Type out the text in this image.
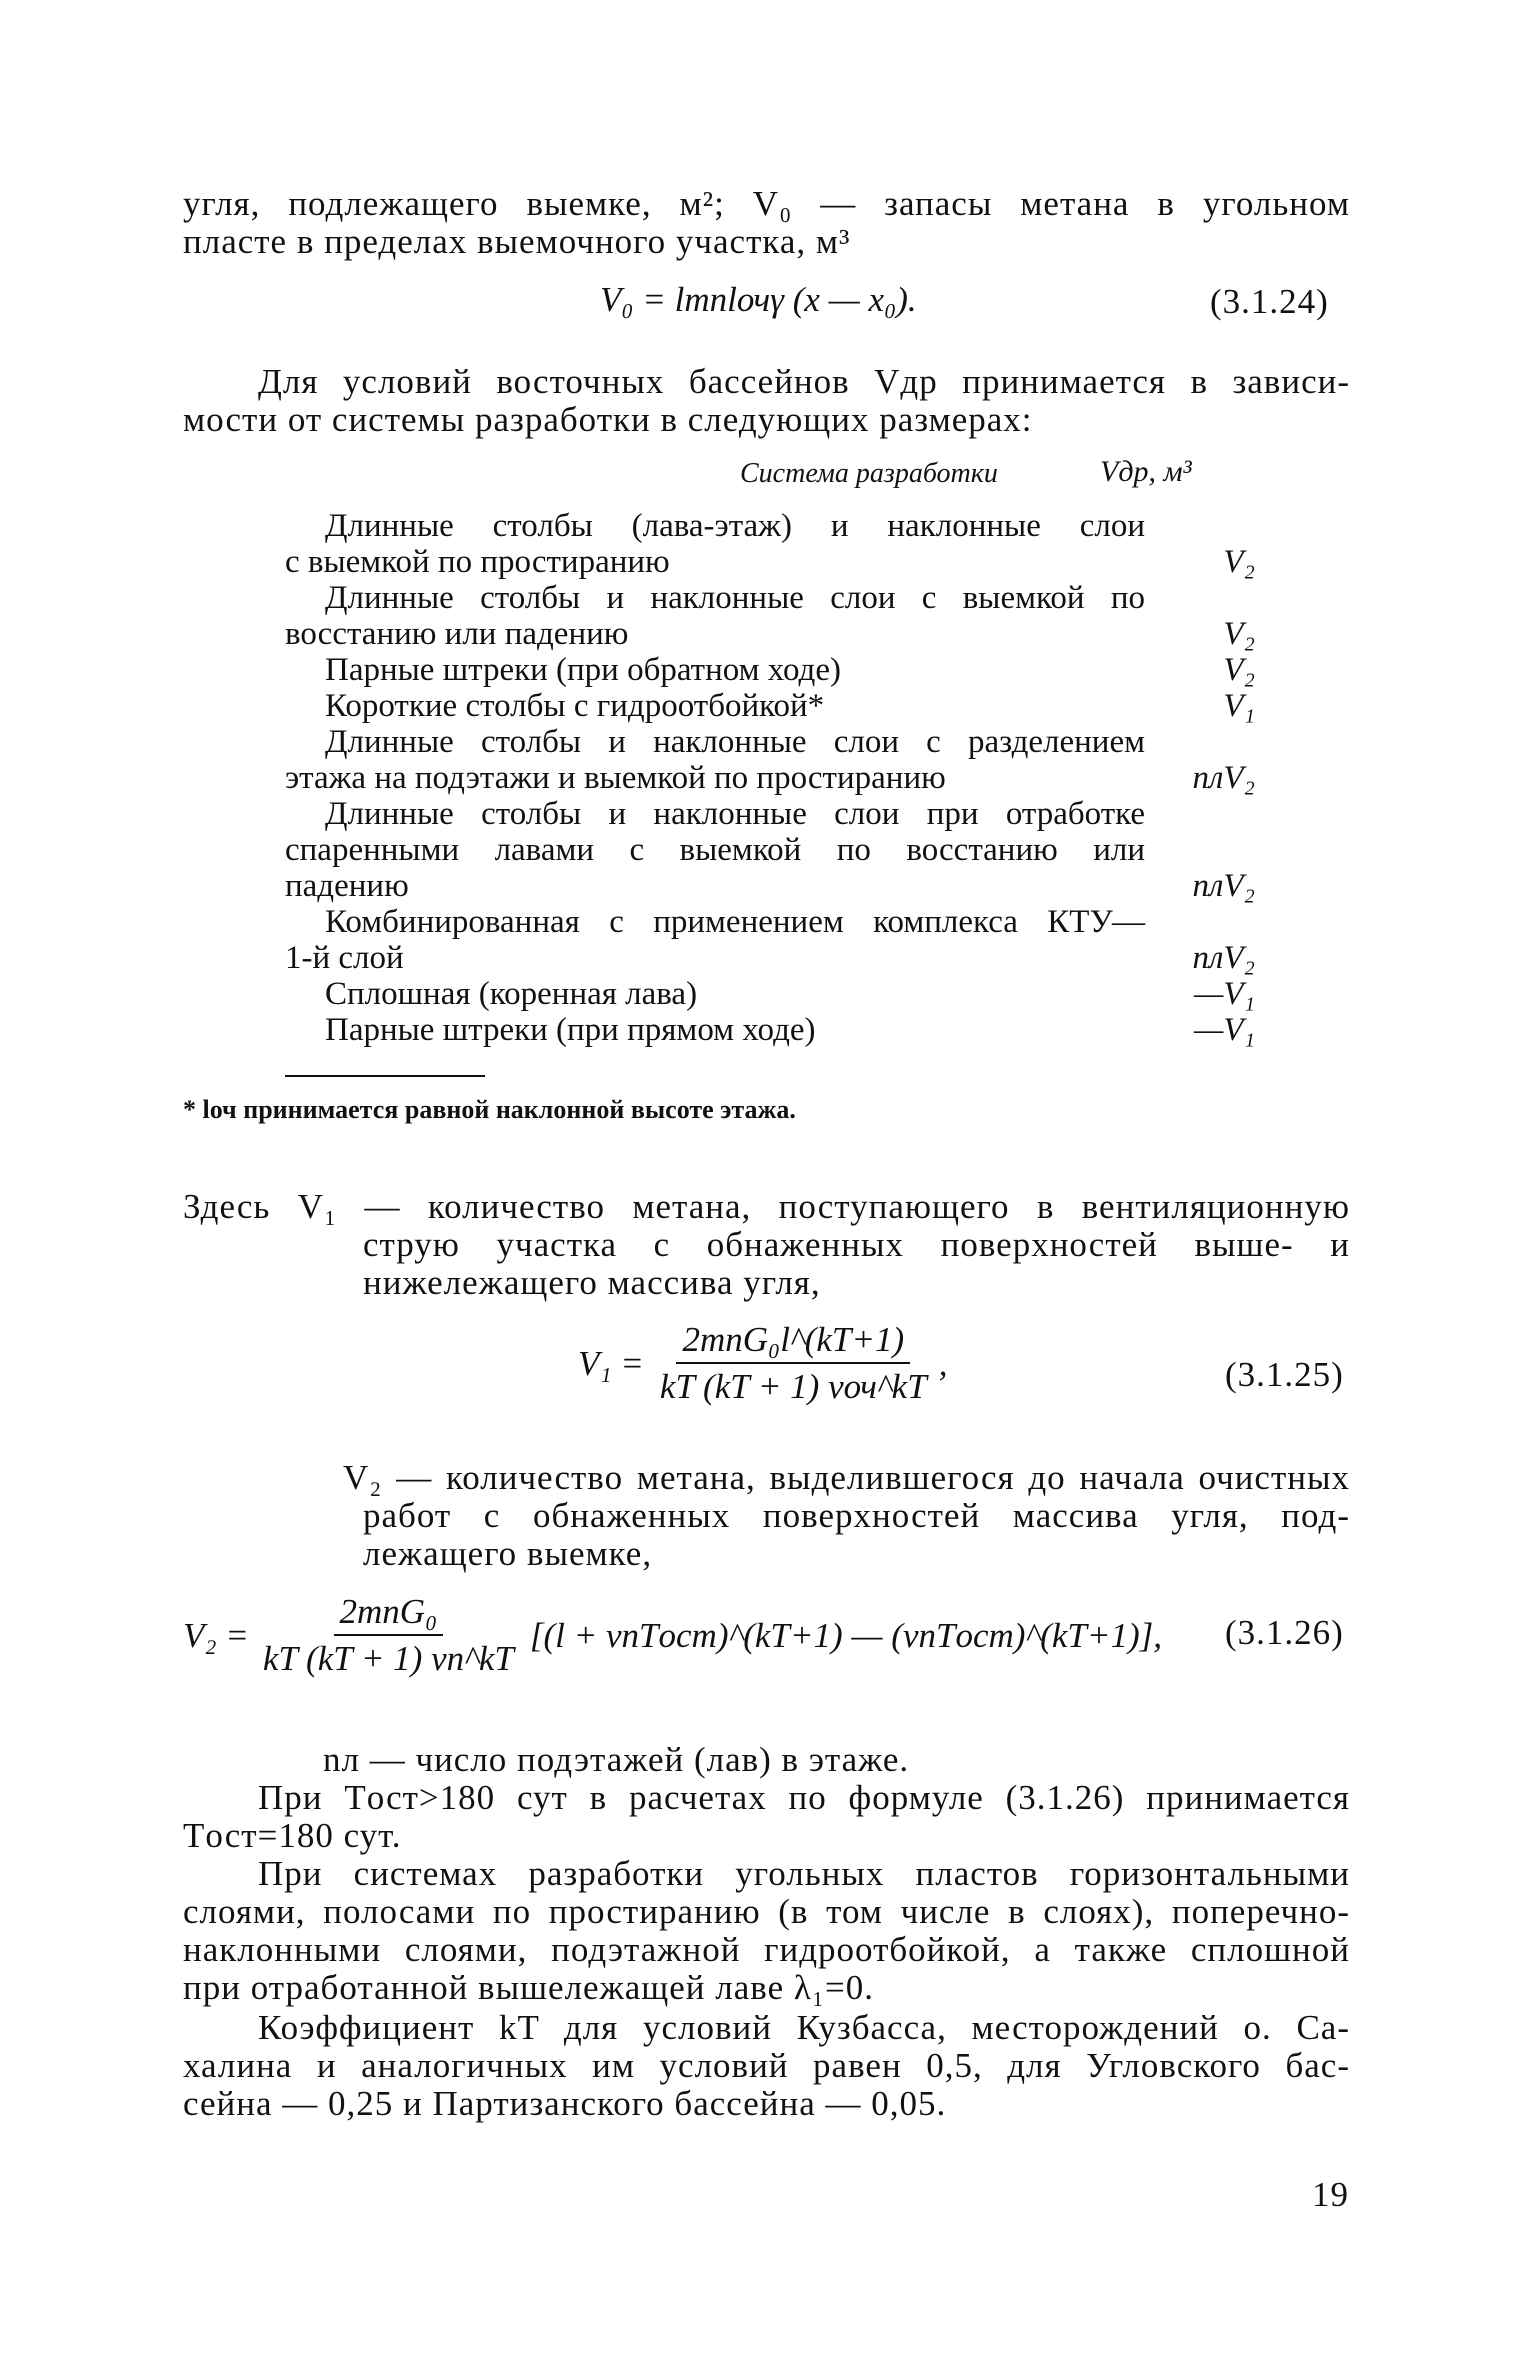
угля, подлежащего выемке, м²; V₀ — запасы метана в угольном
пласте в пределах выемочного участка, м³
V₀ = lmпlочγ (x — x₀).	(3.1.24)
Для условий восточных бассейнов Vдр принимается в зависи-
мости от системы разработки в следующих размерах:
Система разработки	Vдр, м³
Длинные столбы (лава-этаж) и наклонные слои
с выемкой по простиранию	V₂
Длинные столбы и наклонные слои с выемкой по
восстанию или падению	V₂
Парные штреки (при обратном ходе)	V₂
Короткие столбы с гидроотбойкой*	V₁
Длинные столбы и наклонные слои с разделением
этажа на подэтажи и выемкой по простиранию	nлV₂
Длинные столбы и наклонные слои при отработке
спаренными лавами с выемкой по восстанию или
падению	nлV₂
Комбинированная с применением комплекса КТУ—
1-й слой	nлV₂
Сплошная (коренная лава)	—V₁
Парные штреки (при прямом ходе)	—V₁
* lоч принимается равной наклонной высоте этажа.
Здесь V₁ — количество метана, поступающего в вентиляционную
струю участка с обнаженных поверхностей выше- и
нижележащего массива угля,
$V_1 = \frac{\text{2mпG₀l\textasciicircum{}(kT+1)}}{\text{kT (kT + 1) vоч\textasciicircum{}kT}}$ ,	(3.1.25)
V₂ — количество метана, выделившегося до начала очистных
работ с обнаженных поверхностей массива угля, под-
лежащего выемке,
$V_2 = \frac{\text{2mпG₀}}{kT (kT + 1) vп\^{}kT} [(l$ + vпTост)^(kT+1) — (vпTост)^(kT+1)], (3.1.26)
nл — число подэтажей (лав) в этаже.
При Tост>180 сут в расчетах по формуле (3.1.26) принимается
Tост=180 сут.
При системах разработки угольных пластов горизонтальными
слоями, полосами по простиранию (в том числе в слоях), поперечно-
наклонными слоями, подэтажной гидроотбойкой, а также сплошной
при отработанной вышележащей лаве λ₁=0.
Коэффициент kT для условий Кузбасса, месторождений о. Са-
халина и аналогичных им условий равен 0,5, для Угловского бас-
сейна — 0,25 и Партизанского бассейна — 0,05.
19
